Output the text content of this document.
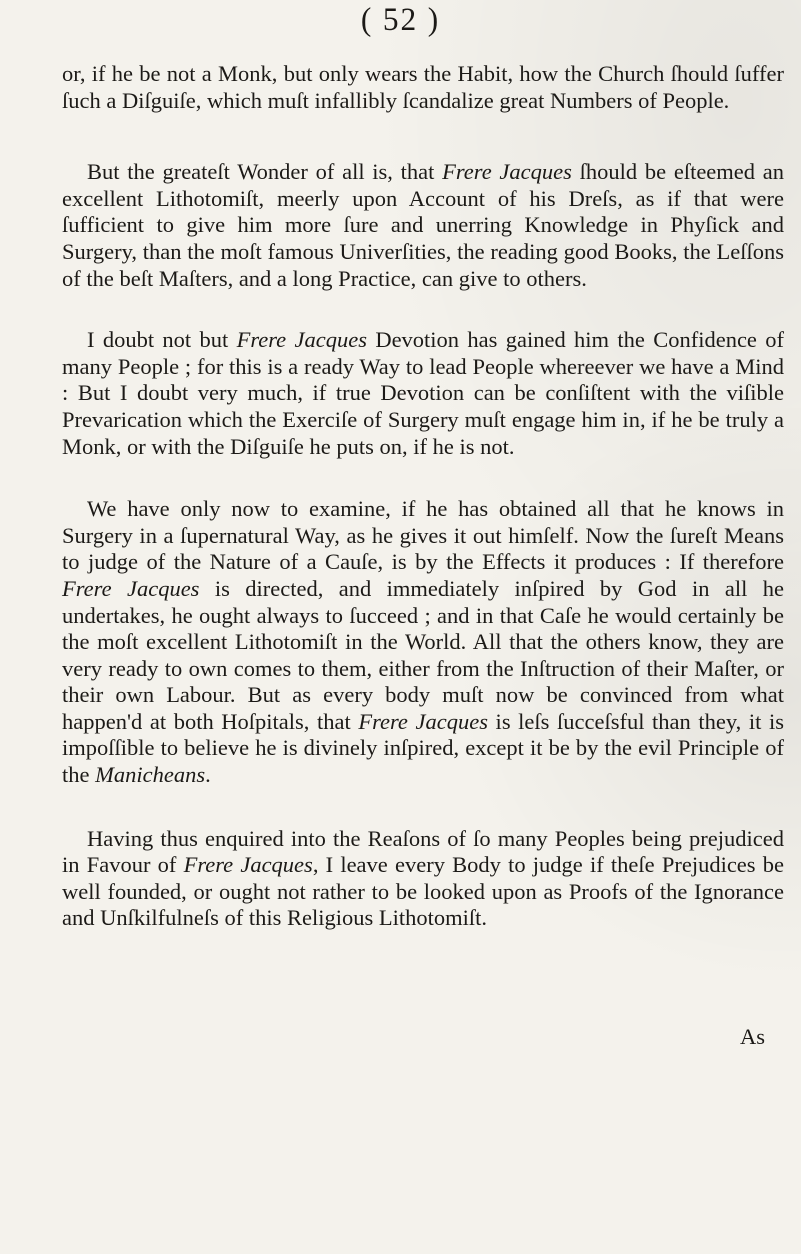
( 52 )

or, if he be not a Monk, but only wears the Habit, how the Church ſhould ſuffer ſuch a Diſguiſe, which muſt infallibly ſcandalize great Numbers of People.

But the greateſt Wonder of all is, that Frere Jacques ſhould be eſteemed an excellent Lithotomiſt, meerly upon Account of his Dreſs, as if that were ſufficient to give him more ſure and unerring Knowledge in Phyſick and Surgery, than the moſt famous Univerſities, the reading good Books, the Leſſons of the beſt Maſters, and a long Practice, can give to others.

I doubt not but Frere Jacques Devotion has gained him the Confidence of many People ; for this is a ready Way to lead People whereever we have a Mind : But I doubt very much, if true Devotion can be conſiſtent with the viſible Prevarication which the Exerciſe of Surgery muſt engage him in, if he be truly a Monk, or with the Diſguiſe he puts on, if he is not.

We have only now to examine, if he has obtained all that he knows in Surgery in a ſupernatural Way, as he gives it out himſelf. Now the ſureſt Means to judge of the Nature of a Cauſe, is by the Effects it produces : If therefore Frere Jacques is directed, and immediately inſpired by God in all he undertakes, he ought always to ſucceed ; and in that Caſe he would certainly be the moſt excellent Lithotomiſt in the World. All that the others know, they are very ready to own comes to them, either from the Inſtruction of their Maſter, or their own Labour. But as every body muſt now be convinced from what happen'd at both Hoſpitals, that Frere Jacques is leſs ſucceſsful than they, it is impoſſible to believe he is divinely inſpired, except it be by the evil Principle of the Manicheans.

Having thus enquired into the Reaſons of ſo many Peoples being prejudiced in Favour of Frere Jacques, I leave every Body to judge if theſe Prejudices be well founded, or ought not rather to be looked upon as Proofs of the Ignorance and Unſkilfulneſs of this Religious Lithotomiſt.

As
